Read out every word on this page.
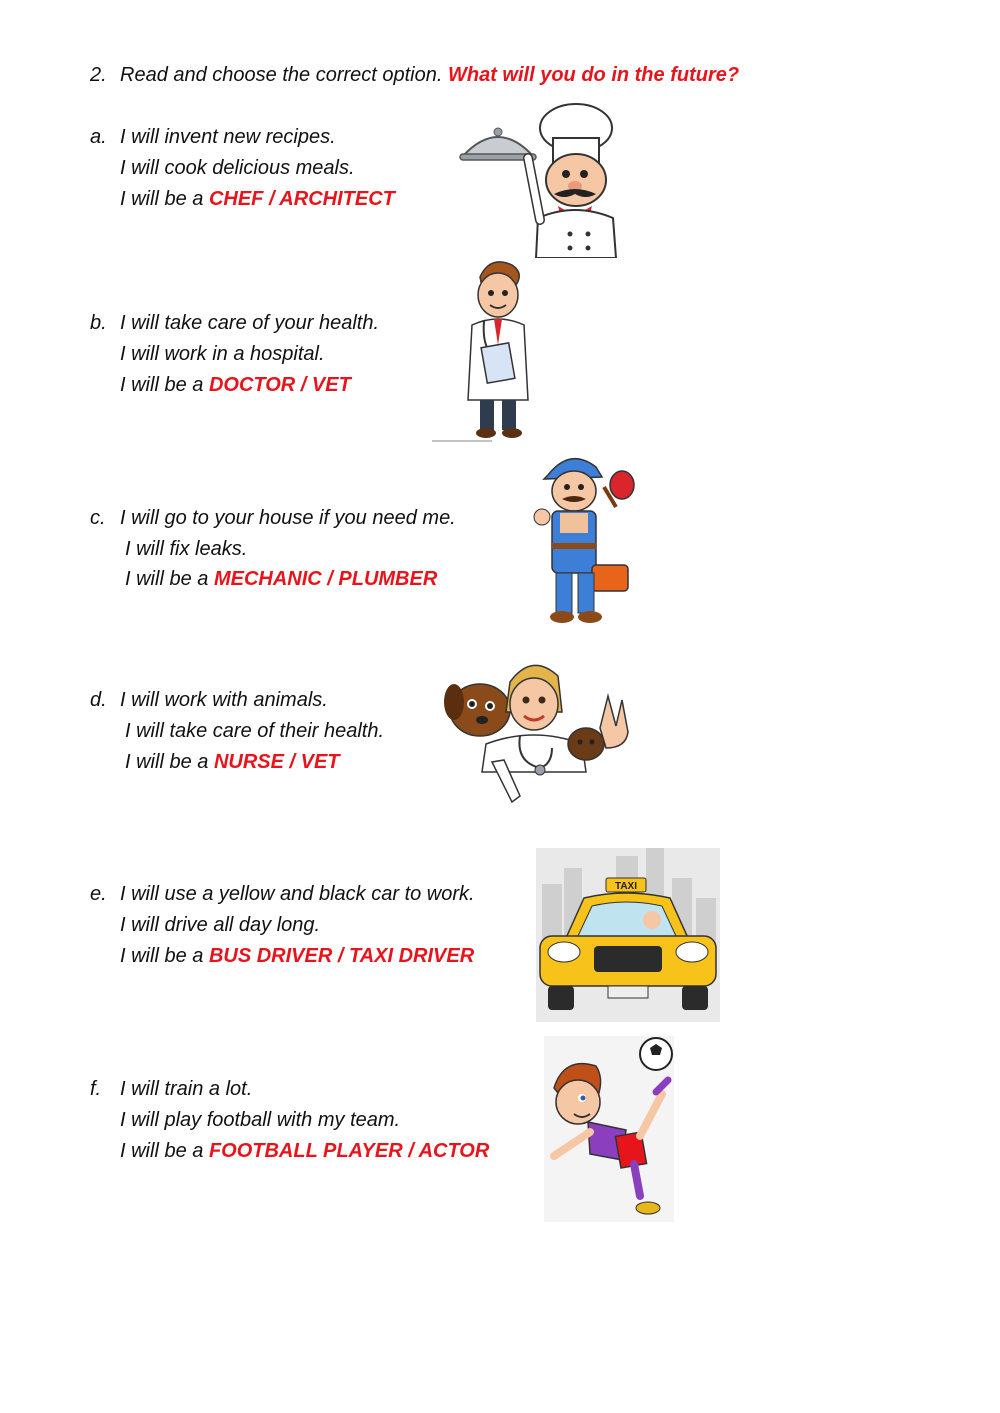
2. Read and choose the correct option. What will you do in the future?
a. I will invent new recipes.
I will cook delicious meals.
I will be a CHEF / ARCHITECT
b. I will take care of your health.
I will work in a hospital.
I will be a DOCTOR / VET
c. I will go to your house if you need me.
I will fix leaks.
I will be a MECHANIC / PLUMBER
d. I will work with animals.
I will take care of their health.
I will be a NURSE / VET
e. I will use a yellow and black car to work.
I will drive all day long.
I will be a BUS DRIVER / TAXI DRIVER
f. I will train a lot.
I will play football with my team.
I will be a FOOTBALL PLAYER / ACTOR
TAXI
